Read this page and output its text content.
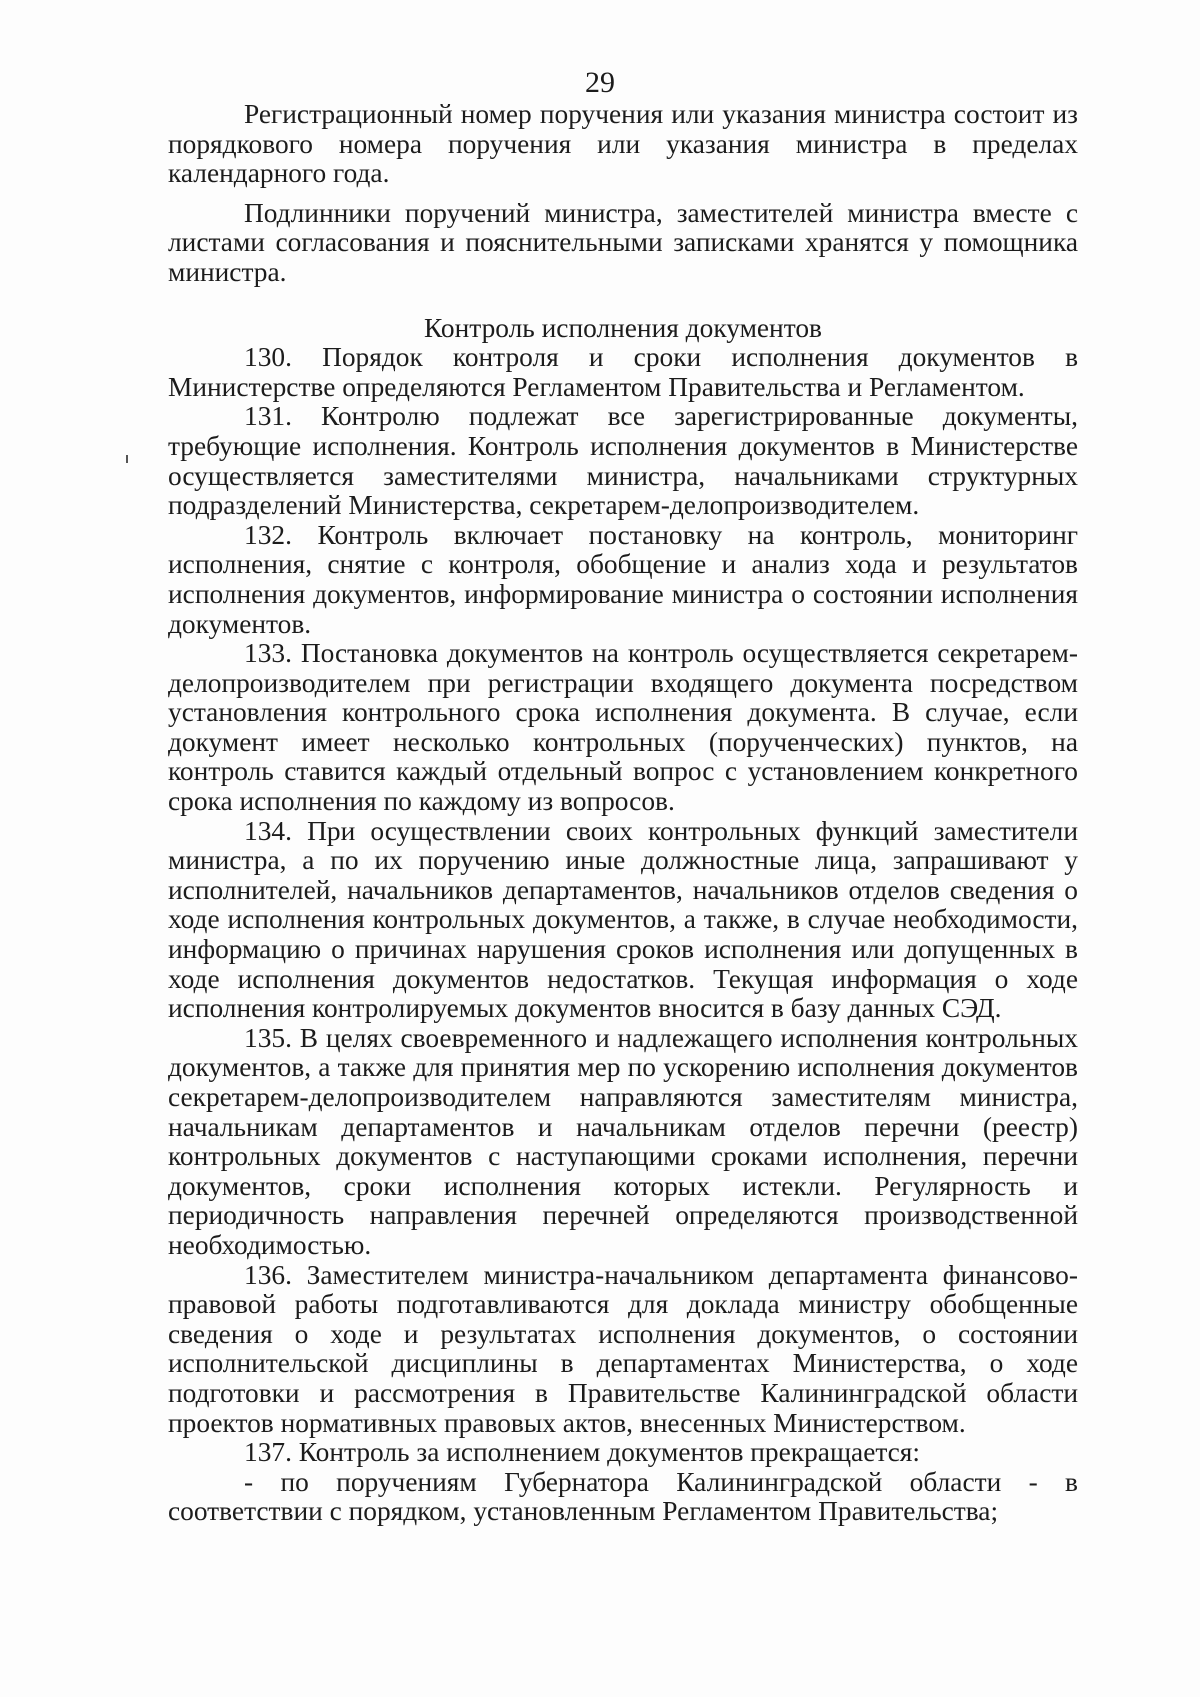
29

Регистрационный номер поручения или указания министра состоит из порядкового номера поручения или указания министра в пределах календарного года.

Подлинники поручений министра, заместителей министра вместе с листами согласования и пояснительными записками хранятся у помощника министра.

Контроль исполнения документов

130. Порядок контроля и сроки исполнения документов в Министерстве определяются Регламентом Правительства и Регламентом.

131. Контролю подлежат все зарегистрированные документы, требующие исполнения. Контроль исполнения документов в Министерстве осуществляется заместителями министра, начальниками структурных подразделений Министерства, секретарем-делопроизводителем.

132. Контроль включает постановку на контроль, мониторинг исполнения, снятие с контроля, обобщение и анализ хода и результатов исполнения документов, информирование министра о состоянии исполнения документов.

133. Постановка документов на контроль осуществляется секретарем-делопроизводителем при регистрации входящего документа посредством установления контрольного срока исполнения документа. В случае, если документ имеет несколько контрольных (порученческих) пунктов, на контроль ставится каждый отдельный вопрос с установлением конкретного срока исполнения по каждому из вопросов.

134. При осуществлении своих контрольных функций заместители министра, а по их поручению иные должностные лица, запрашивают у исполнителей, начальников департаментов, начальников отделов сведения о ходе исполнения контрольных документов, а также, в случае необходимости, информацию о причинах нарушения сроков исполнения или допущенных в ходе исполнения документов недостатков. Текущая информация о ходе исполнения контролируемых документов вносится в базу данных СЭД.

135. В целях своевременного и надлежащего исполнения контрольных документов, а также для принятия мер по ускорению исполнения документов секретарем-делопроизводителем направляются заместителям министра, начальникам департаментов и начальникам отделов перечни (реестр) контрольных документов с наступающими сроками исполнения, перечни документов, сроки исполнения которых истекли. Регулярность и периодичность направления перечней определяются производственной необходимостью.

136. Заместителем министра-начальником департамента финансово-правовой работы подготавливаются для доклада министру обобщенные сведения о ходе и результатах исполнения документов, о состоянии исполнительской дисциплины в департаментах Министерства, о ходе подготовки и рассмотрения в Правительстве Калининградской области проектов нормативных правовых актов, внесенных Министерством.

137. Контроль за исполнением документов прекращается:

- по поручениям Губернатора Калининградской области - в соответствии с порядком, установленным Регламентом Правительства;
